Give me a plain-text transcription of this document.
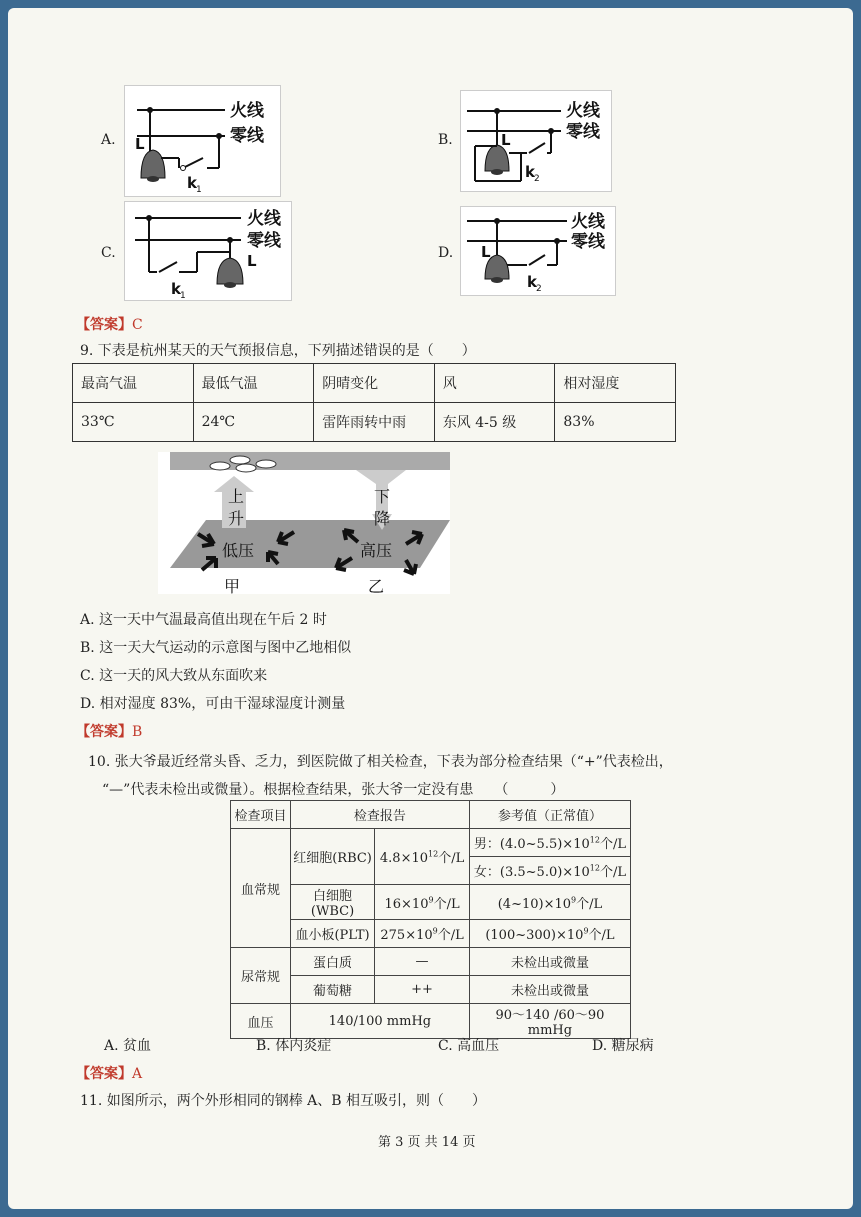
A.	B.
C.	D.
火线
零线
L
k 1
火线
零线
L
k 2
火线
零线
L
k 1
火线
零线
L
k 2
【答案】C
9. 下表是杭州某天的天气预报信息，下列描述错误的是（　　）
最高气温	最低气温	阴晴变化	风	相对湿度
33℃	24℃	雷阵雨转中雨	东风 4-5 级	83%
上
升
下
降
低压	高压
甲	乙
A. 这一天中气温最高值出现在午后 2 时
B. 这一天大气运动的示意图与图中乙地相似
C. 这一天的风大致从东面吹来
D. 相对湿度 83%，可由干湿球湿度计测量
【答案】B
10. 张大爷最近经常头昏、乏力，到医院做了相关检查，下表为部分检查结果（“+”代表检出，
“—”代表未检出或微量）。根据检查结果，张大爷一定没有患　　（　　　）
检查项目	检查报告		参考值（正常值）
血常规	红细胞(RBC)	$4.8\times 10^{12}$个/L	男：$(4.0\sim 5.5)\times 10^{12}$个/L
			女：$(3.5\sim 5.0)\times 10^{12}$个/L
	白细胞(WBC)	$16\times 10^9$个/L	$(4\sim 10)\times 10^9$个/L
	血小板(PLT)	$275\times 10^9$个/L	$(100\sim 300)\times 10^9$个/L
尿常规	蛋白质	—	未检出或微量
	葡萄糖	++	未检出或微量
血压	140/100 mmHg		90～140 /60～90 mmHg
A. 贫血	B. 体内炎症	C. 高血压	D. 糖尿病
【答案】A
11. 如图所示，两个外形相同的钢棒 A、B 相互吸引，则（　　）
第 3 页 共 14 页
